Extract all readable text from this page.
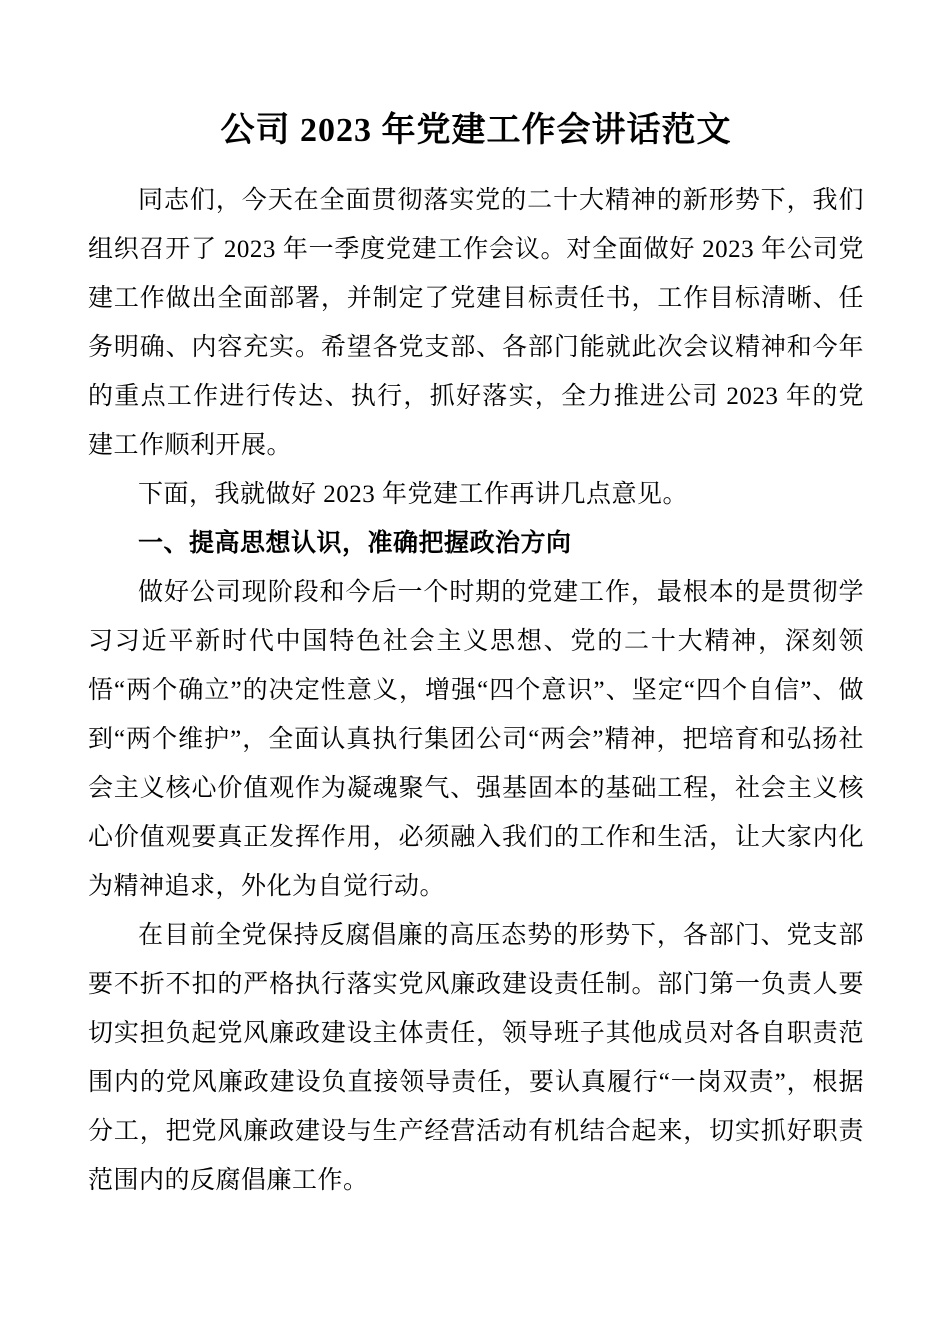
公司 2023 年党建工作会讲话范文

同志们，今天在全面贯彻落实党的二十大精神的新形势下，我们组织召开了 2023 年一季度党建工作会议。对全面做好 2023 年公司党建工作做出全面部署，并制定了党建目标责任书，工作目标清晰、任务明确、内容充实。希望各党支部、各部门能就此次会议精神和今年的重点工作进行传达、执行，抓好落实，全力推进公司 2023 年的党建工作顺利开展。

下面，我就做好 2023 年党建工作再讲几点意见。

一、提高思想认识，准确把握政治方向

做好公司现阶段和今后一个时期的党建工作，最根本的是贯彻学习习近平新时代中国特色社会主义思想、党的二十大精神，深刻领悟“两个确立”的决定性意义，增强“四个意识”、坚定“四个自信”、做到“两个维护”，全面认真执行集团公司“两会”精神，把培育和弘扬社会主义核心价值观作为凝魂聚气、强基固本的基础工程，社会主义核心价值观要真正发挥作用，必须融入我们的工作和生活，让大家内化为精神追求，外化为自觉行动。

在目前全党保持反腐倡廉的高压态势的形势下，各部门、党支部要不折不扣的严格执行落实党风廉政建设责任制。部门第一负责人要切实担负起党风廉政建设主体责任，领导班子其他成员对各自职责范围内的党风廉政建设负直接领导责任，要认真履行“一岗双责”，根据分工，把党风廉政建设与生产经营活动有机结合起来，切实抓好职责范围内的反腐倡廉工作。
